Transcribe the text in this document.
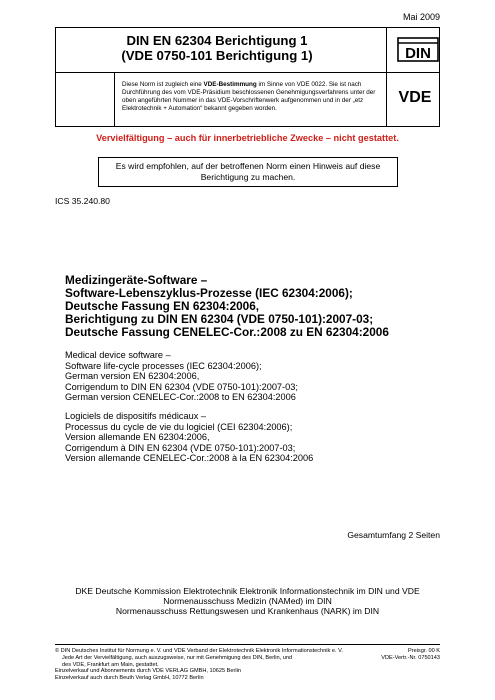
Mai 2009
DIN EN 62304 Berichtigung 1
(VDE 0750-101 Berichtigung 1)	DIN
Diese Norm ist zugleich eine VDE-Bestimmung im Sinne von VDE 0022. Sie ist nach Durchführung des vom VDE-Präsidium beschlossenen Genehmigungsverfahrens unter der oben angeführten Nummer in das VDE-Vorschriftenwerk aufgenommen und in der „etz Elektrotechnik + Automation“ bekannt gegeben worden.
VDE
Vervielfältigung – auch für innerbetriebliche Zwecke – nicht gestattet.
Es wird empfohlen, auf der betroffenen Norm einen Hinweis auf diese Berichtigung zu machen.
ICS 35.240.80
Medizingeräte-Software –
Software-Lebenszyklus-Prozesse (IEC 62304:2006);
Deutsche Fassung EN 62304:2006,
Berichtigung zu DIN EN 62304 (VDE 0750-101):2007-03;
Deutsche Fassung CENELEC-Cor.:2008 zu EN 62304:2006
Medical device software –
Software life-cycle processes (IEC 62304:2006);
German version EN 62304:2006,
Corrigendum to DIN EN 62304 (VDE 0750-101):2007-03;
German version CENELEC-Cor.:2008 to EN 62304:2006
Logiciels de dispositifs médicaux –
Processus du cycle de vie du logiciel (CEI 62304:2006);
Version allemande EN 62304:2006,
Corrigendum à DIN EN 62304 (VDE 0750-101):2007-03;
Version allemande CENELEC-Cor.:2008 à la EN 62304:2006
Gesamtumfang 2 Seiten
DKE Deutsche Kommission Elektrotechnik Elektronik Informationstechnik im DIN und VDE
Normenausschuss Medizin (NAMed) im DIN
Normenausschuss Rettungswesen und Krankenhaus (NARK) im DIN
© DIN Deutsches Institut für Normung e. V. und VDE Verband der Elektrotechnik Elektronik Informationstechnik e. V.
Jede Art der Vervielfältigung, auch auszugsweise, nur mit Genehmigung des DIN, Berlin, und
des VDE, Frankfurt am Main, gestattet.
Einzelverkauf und Abonnements durch VDE VERLAG GMBH, 10625 Berlin
Einzelverkauf auch durch Beuth Verlag GmbH, 10772 Berlin
Preisgr. 00 K
VDE-Vertr.-Nr. 0750143
